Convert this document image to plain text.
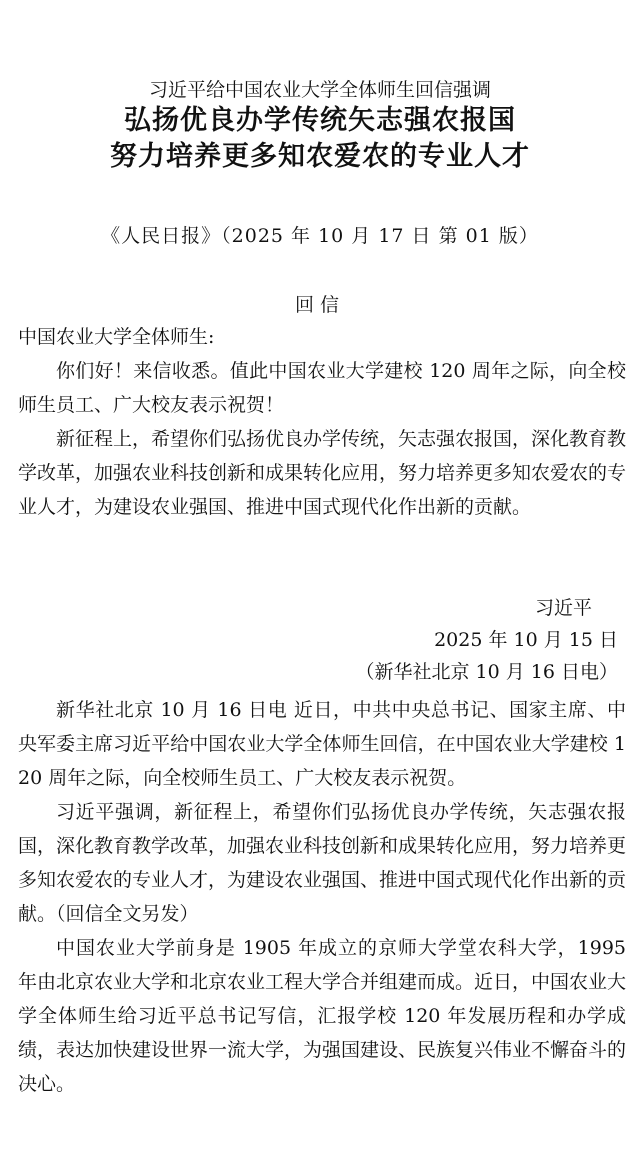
习近平给中国农业大学全体师生回信强调
弘扬优良办学传统矢志强农报国
努力培养更多知农爱农的专业人才
《人民日报》（2025 年 10 月 17 日 第 01 版）
回信

中国农业大学全体师生:

你们好！来信收悉。值此中国农业大学建校 120 周年之际，向全校师生员工、广大校友表示祝贺！

新征程上，希望你们弘扬优良办学传统，矢志强农报国，深化教育教学改革，加强农业科技创新和成果转化应用，努力培养更多知农爱农的专业人才，为建设农业强国、推进中国式现代化作出新的贡献。

习近平
2025 年 10 月 15 日
（新华社北京 10 月 16 日电）

新华社北京 10 月 16 日电 近日，中共中央总书记、国家主席、中央军委主席习近平给中国农业大学全体师生回信，在中国农业大学建校 120 周年之际，向全校师生员工、广大校友表示祝贺。

习近平强调，新征程上，希望你们弘扬优良办学传统，矢志强农报国，深化教育教学改革，加强农业科技创新和成果转化应用，努力培养更多知农爱农的专业人才，为建设农业强国、推进中国式现代化作出新的贡献。（回信全文另发）

中国农业大学前身是 1905 年成立的京师大学堂农科大学，1995 年由北京农业大学和北京农业工程大学合并组建而成。近日，中国农业大学全体师生给习近平总书记写信，汇报学校 120 年发展历程和办学成绩，表达加快建设世界一流大学，为强国建设、民族复兴伟业不懈奋斗的决心。
